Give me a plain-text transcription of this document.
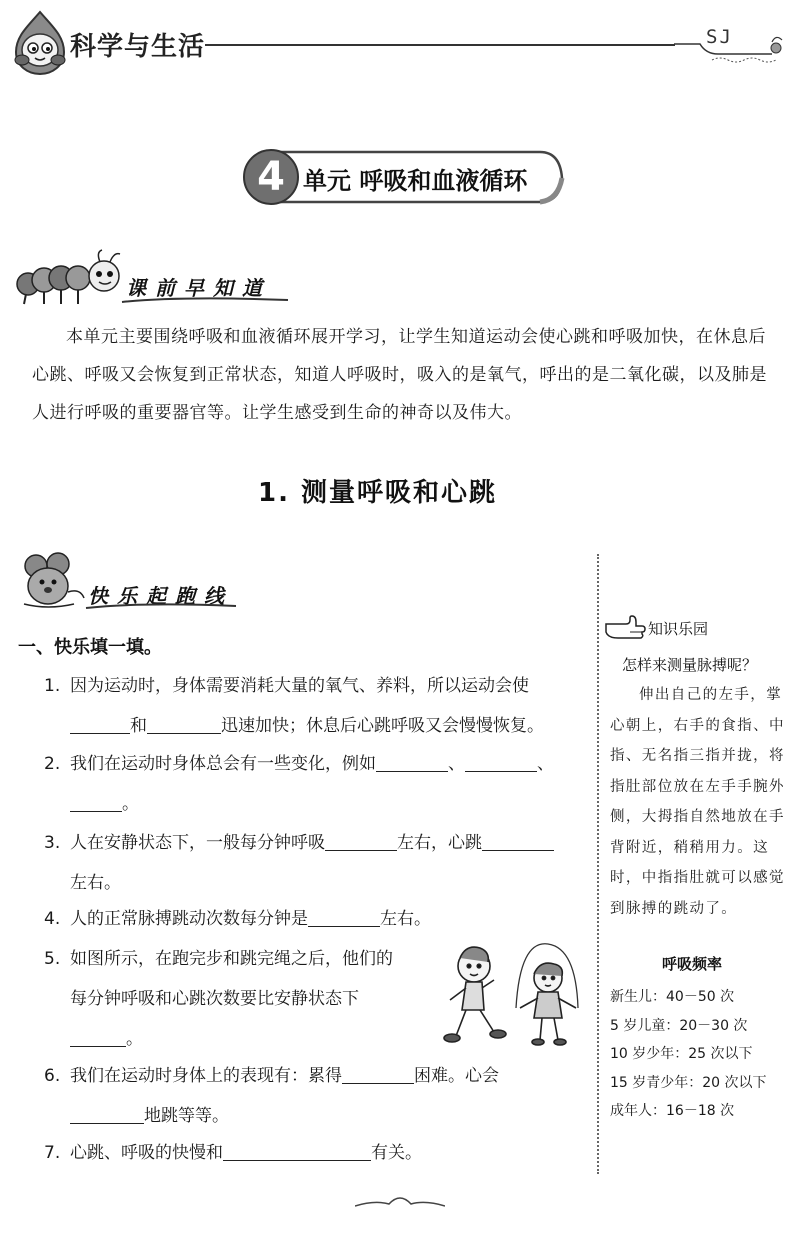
科学与生活	SJ
4 单元 呼吸和血液循环
课前早知道

本单元主要围绕呼吸和血液循环展开学习，让学生知道运动会使心跳和呼吸加快，在休息后心跳、呼吸又会恢复到正常状态，知道人呼吸时，吸入的是氧气，呼出的是二氧化碳，以及肺是人进行呼吸的重要器官等。让学生感受到生命的神奇以及伟大。

1. 测量呼吸和心跳
快乐起跑线
一、快乐填一填。
1. 因为运动时，身体需要消耗大量的氧气、养料，所以运动会使
和	迅速加快；休息后心跳呼吸又会慢慢恢复。
2. 我们在运动时身体总会有一些变化，例如	、	、
。
3. 人在安静状态下，一般每分钟呼吸	左右，心跳
左右。
4. 人的正常脉搏跳动次数每分钟是	左右。
5. 如图所示，在跑完步和跳完绳之后，他们的
每分钟呼吸和心跳次数要比安静状态下
。
6. 我们在运动时身体上的表现有：累得	困难。心会
地跳等等。
7. 心跳、呼吸的快慢和	有关。
知识乐园
怎样来测量脉搏呢？

伸出自己的左手，掌心朝上，右手的食指、中指、无名指三指并拢，将指肚部位放在左手手腕外侧，大拇指自然地放在手背附近，稍稍用力。这时，中指指肚就可以感觉到脉搏的跳动了。

呼吸频率
新生儿：40－50 次
5 岁儿童：20－30 次
10 岁少年：25 次以下
15 岁青少年：20 次以下
成年人：16－18 次
